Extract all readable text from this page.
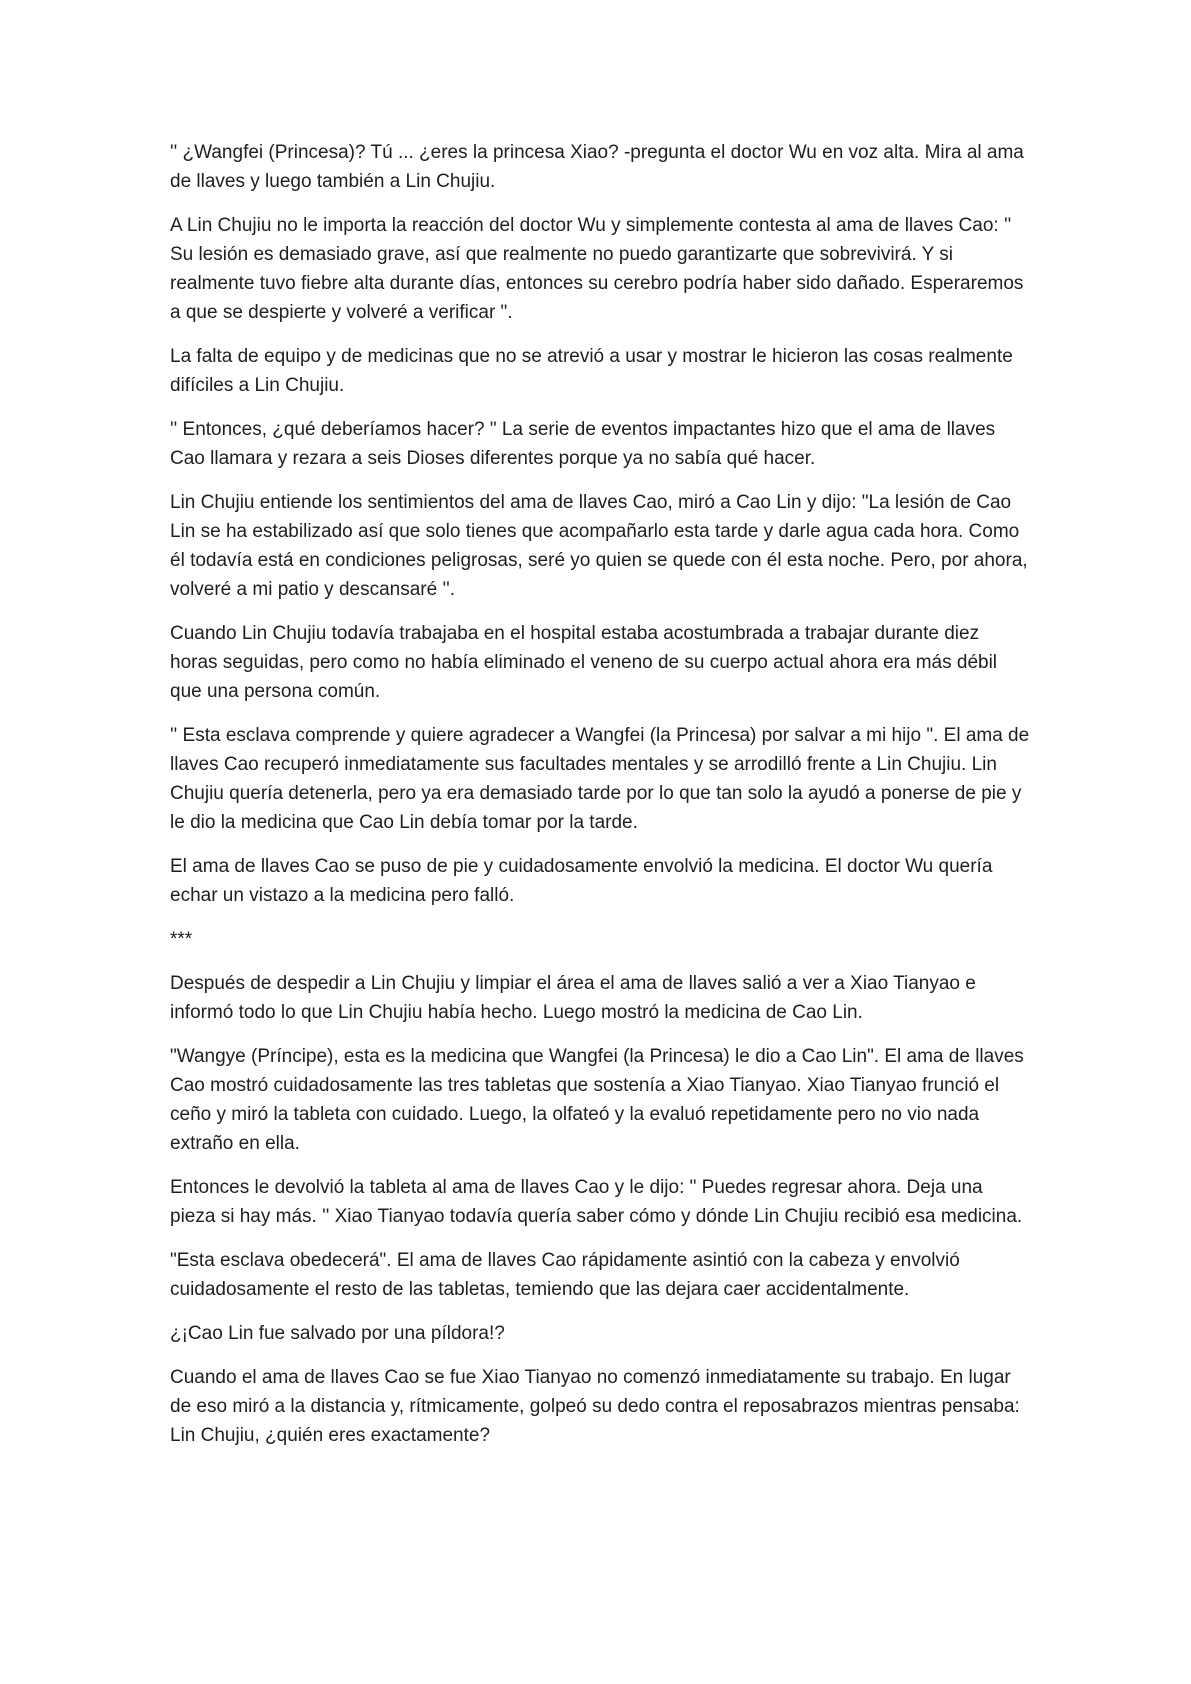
'' ¿Wangfei (Princesa)? Tú ... ¿eres la princesa Xiao? -pregunta el doctor Wu en voz alta. Mira al ama de llaves y luego también a Lin Chujiu.

A Lin Chujiu no le importa la reacción del doctor Wu y simplemente contesta al ama de llaves Cao: '' Su lesión es demasiado grave, así que realmente no puedo garantizarte que sobrevivirá. Y si realmente tuvo fiebre alta durante días, entonces su cerebro podría haber sido dañado. Esperaremos a que se despierte y volveré a verificar ".

La falta de equipo y de medicinas que no se atrevió a usar y mostrar le hicieron las cosas realmente difíciles a Lin Chujiu.

'' Entonces, ¿qué deberíamos hacer? " La serie de eventos impactantes hizo que el ama de llaves Cao llamara y rezara a seis Dioses diferentes porque ya no sabía qué hacer.

Lin Chujiu entiende los sentimientos del ama de llaves Cao, miró a Cao Lin y dijo: "La lesión de Cao Lin se ha estabilizado así que solo tienes que acompañarlo esta tarde y darle agua cada hora. Como él todavía está en condiciones peligrosas, seré yo quien se quede con él esta noche. Pero, por ahora, volveré a mi patio y descansaré ''.

Cuando Lin Chujiu todavía trabajaba en el hospital estaba acostumbrada a trabajar durante diez horas seguidas, pero como no había eliminado el veneno de su cuerpo actual ahora era más débil que una persona común.

'' Esta esclava comprende y quiere agradecer a Wangfei (la Princesa) por salvar a mi hijo ". El ama de llaves Cao recuperó inmediatamente sus facultades mentales y se arrodilló frente a Lin Chujiu. Lin Chujiu quería detenerla, pero ya era demasiado tarde por lo que tan solo la ayudó a ponerse de pie y le dio la medicina que Cao Lin debía tomar por la tarde.

El ama de llaves Cao se puso de pie y cuidadosamente envolvió la medicina. El doctor Wu quería echar un vistazo a la medicina pero falló.

***

Después de despedir a Lin Chujiu y limpiar el área el ama de llaves salió a ver a Xiao Tianyao e informó todo lo que Lin Chujiu había hecho. Luego mostró la medicina de Cao Lin.

"Wangye (Príncipe), esta es la medicina que Wangfei (la Princesa) le dio a Cao Lin". El ama de llaves Cao mostró cuidadosamente las tres tabletas que sostenía a Xiao Tianyao. Xiao Tianyao frunció el ceño y miró la tableta con cuidado. Luego, la olfateó y la evaluó repetidamente pero no vio nada extraño en ella.

Entonces le devolvió la tableta al ama de llaves Cao y le dijo: " Puedes regresar ahora. Deja una pieza si hay más. '' Xiao Tianyao todavía quería saber cómo y dónde Lin Chujiu recibió esa medicina.

"Esta esclava obedecerá". El ama de llaves Cao rápidamente asintió con la cabeza y envolvió cuidadosamente el resto de las tabletas, temiendo que las dejara caer accidentalmente.

¿¡Cao Lin fue salvado por una píldora!?

Cuando el ama de llaves Cao se fue Xiao Tianyao no comenzó inmediatamente su trabajo. En lugar de eso miró a la distancia y, rítmicamente, golpeó su dedo contra el reposabrazos mientras pensaba: Lin Chujiu, ¿quién eres exactamente?
